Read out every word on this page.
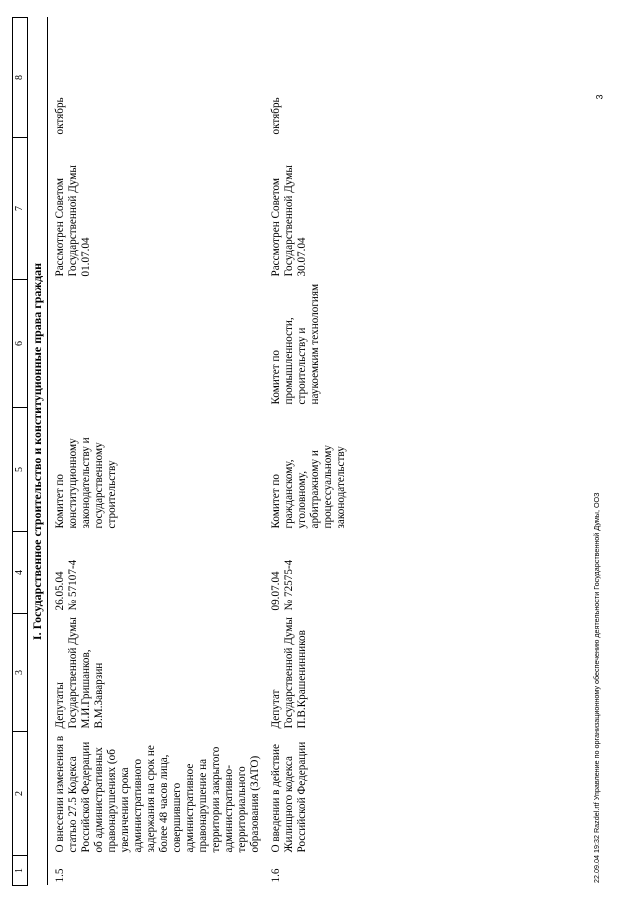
1	2	3	4	5	6	7	8
I. Государственное строительство и конституционные права граждан							
1.5	О внесении изменения в статью 27.5 Кодекса Российской Федерации об административных правонарушениях (об увеличении срока административного задержания на срок не более 48 часов лица, совершившего административное правонарушение на территории закрытого административно-территориального образования (ЗАТО)	Депутаты Государственной Думы М.И.Гришанков, В.М.Заварзин	26.05.04
№ 57107-4	Комитет по конституционному законодательству и государственному строительству		Рассмотрен Советом Государственной Думы 01.07.04	октябрь
1.6	О введении в действие Жилищного кодекса Российской Федерации	Депутат Государственной Думы П.В.Крашенинников	09.07.04
№ 72575-4	Комитет по гражданскому, уголовному, арбитражному и процессуальному законодательству	Комитет по промышленности, строительству и наукоемким технологиям	Рассмотрен Советом Государственной Думы 30.07.04	октябрь
22.09.04 19:32 Razdel.rtf Управление по организационному обеспечению деятельности Государственной Думы, ООЗ
3
